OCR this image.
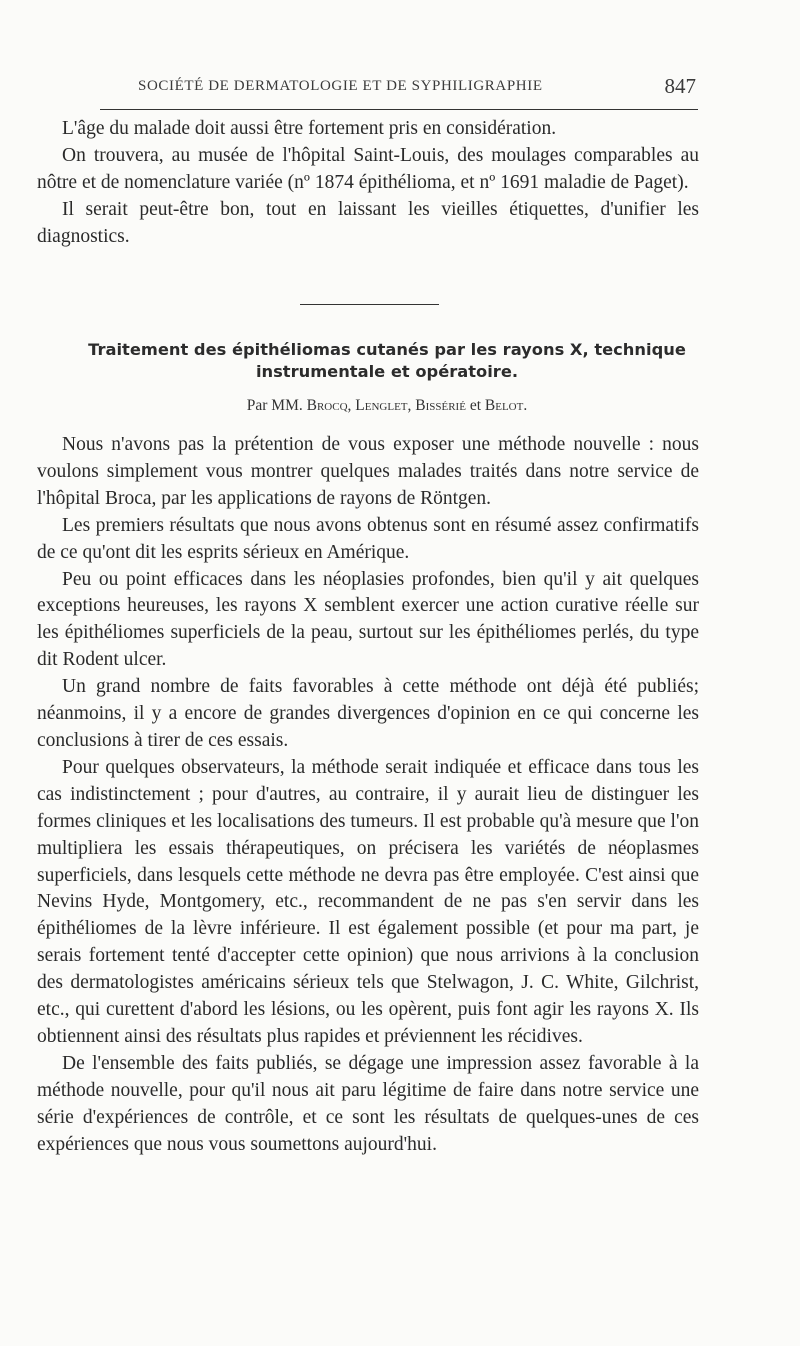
SOCIÉTÉ DE DERMATOLOGIE ET DE SYPHILIGRAPHIE	847

L'âge du malade doit aussi être fortement pris en considération.

On trouvera, au musée de l'hôpital Saint-Louis, des moulages comparables au nôtre et de nomenclature variée (nº 1874 épithélioma, et nº 1691 maladie de Paget).

Il serait peut-être bon, tout en laissant les vieilles étiquettes, d'unifier les diagnostics.

Traitement des épithéliomas cutanés par les rayons X, technique instrumentale et opératoire.
Par MM. Brocq, Lenglet, Bissérié et Belot.

Nous n'avons pas la prétention de vous exposer une méthode nouvelle : nous voulons simplement vous montrer quelques malades traités dans notre service de l'hôpital Broca, par les applications de rayons de Röntgen.

Les premiers résultats que nous avons obtenus sont en résumé assez confirmatifs de ce qu'ont dit les esprits sérieux en Amérique.

Peu ou point efficaces dans les néoplasies profondes, bien qu'il y ait quelques exceptions heureuses, les rayons X semblent exercer une action curative réelle sur les épithéliomes superficiels de la peau, surtout sur les épithéliomes perlés, du type dit Rodent ulcer.

Un grand nombre de faits favorables à cette méthode ont déjà été publiés; néanmoins, il y a encore de grandes divergences d'opinion en ce qui concerne les conclusions à tirer de ces essais.

Pour quelques observateurs, la méthode serait indiquée et efficace dans tous les cas indistinctement ; pour d'autres, au contraire, il y aurait lieu de distinguer les formes cliniques et les localisations des tumeurs. Il est probable qu'à mesure que l'on multipliera les essais thérapeutiques, on précisera les variétés de néoplasmes superficiels, dans lesquels cette méthode ne devra pas être employée. C'est ainsi que Nevins Hyde, Montgomery, etc., recommandent de ne pas s'en servir dans les épithéliomes de la lèvre inférieure. Il est également possible (et pour ma part, je serais fortement tenté d'accepter cette opinion) que nous arrivions à la conclusion des dermatologistes américains sérieux tels que Stelwagon, J. C. White, Gilchrist, etc., qui curettent d'abord les lésions, ou les opèrent, puis font agir les rayons X. Ils obtiennent ainsi des résultats plus rapides et préviennent les récidives.

De l'ensemble des faits publiés, se dégage une impression assez favorable à la méthode nouvelle, pour qu'il nous ait paru légitime de faire dans notre service une série d'expériences de contrôle, et ce sont les résultats de quelques-unes de ces expériences que nous vous soumettons aujourd'hui.
